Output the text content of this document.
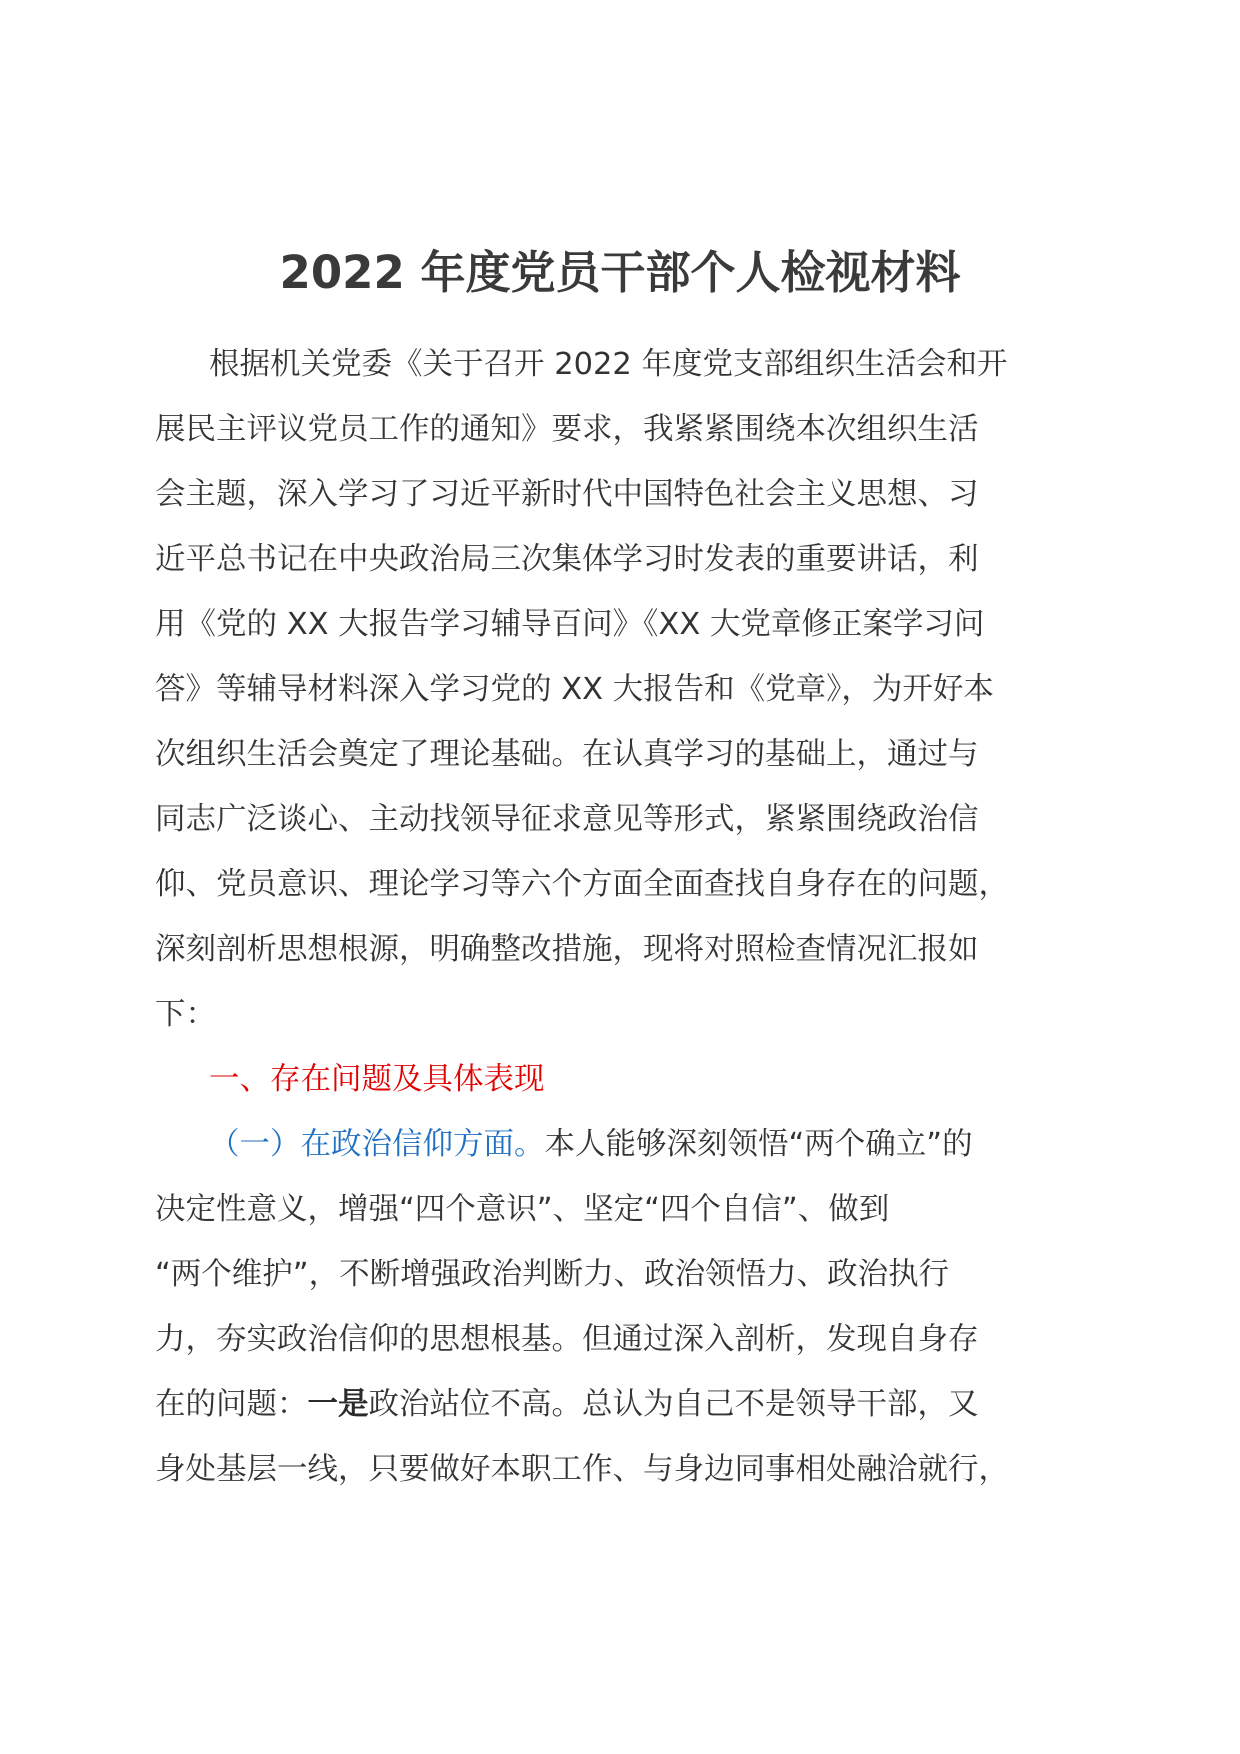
2022 年度党员干部个人检视材料
根据机关党委《关于召开 2022 年度党支部组织生活会和开
展民主评议党员工作的通知》要求，我紧紧围绕本次组织生活
会主题，深入学习了习近平新时代中国特色社会主义思想、习
近平总书记在中央政治局三次集体学习时发表的重要讲话，利
用《党的 XX 大报告学习辅导百问》《XX 大党章修正案学习问
答》等辅导材料深入学习党的 XX 大报告和《党章》，为开好本
次组织生活会奠定了理论基础。在认真学习的基础上，通过与
同志广泛谈心、主动找领导征求意见等形式，紧紧围绕政治信
仰、党员意识、理论学习等六个方面全面查找自身存在的问题，
深刻剖析思想根源，明确整改措施，现将对照检查情况汇报如
下：
一、存在问题及具体表现
（一）在政治信仰方面。本人能够深刻领悟“两个确立”的
决定性意义，增强“四个意识”、坚定“四个自信”、做到
“两个维护”，不断增强政治判断力、政治领悟力、政治执行
力，夯实政治信仰的思想根基。但通过深入剖析，发现自身存
在的问题：一是政治站位不高。总认为自己不是领导干部，又
身处基层一线，只要做好本职工作、与身边同事相处融洽就行，
